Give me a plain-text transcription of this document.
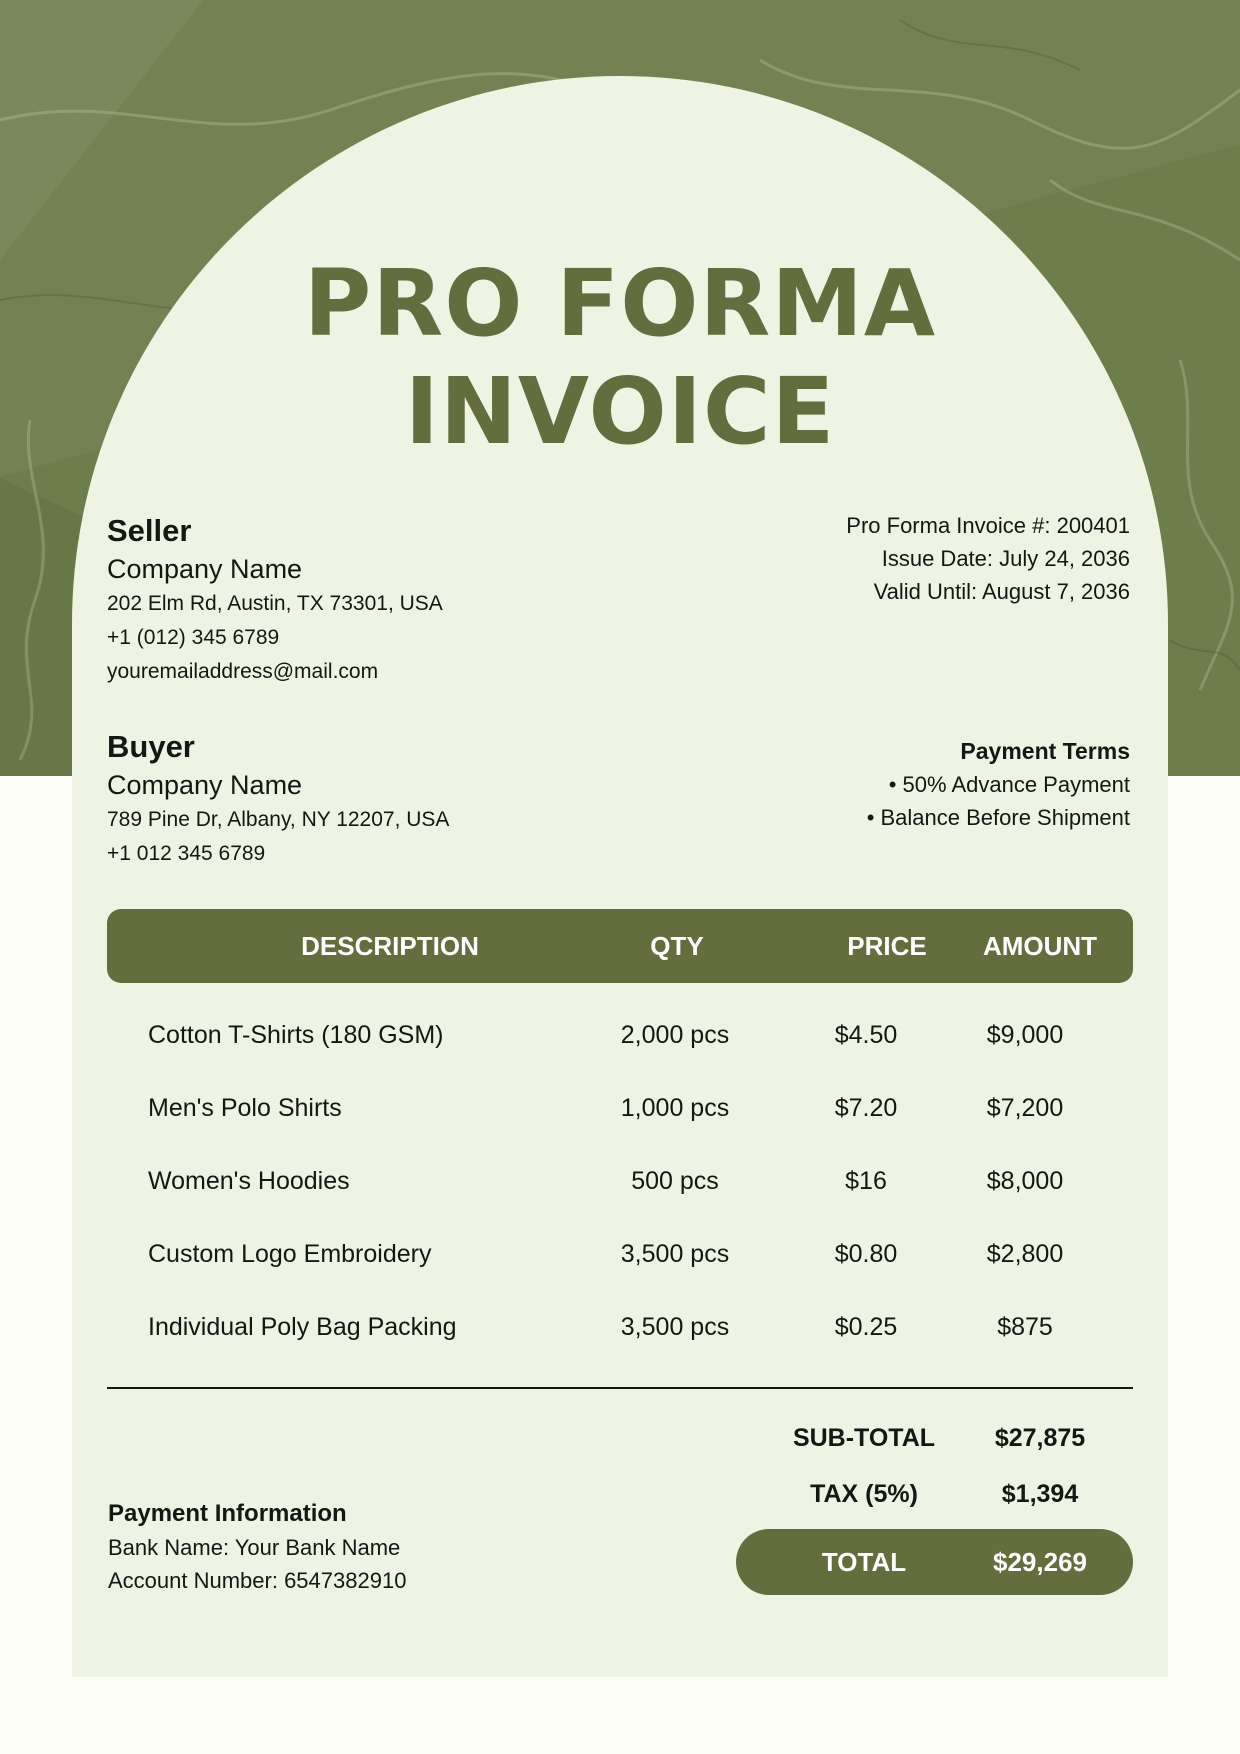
PRO FORMA
INVOICE
Seller
Company Name
202 Elm Rd, Austin, TX 73301, USA
+1 (012) 345 6789
youremailaddress@mail.com
Pro Forma Invoice #: 200401
Issue Date: July 24, 2036
Valid Until: August 7, 2036
Buyer
Company Name
789 Pine Dr, Albany, NY 12207, USA
+1 012 345 6789
Payment Terms
• 50% Advance Payment
• Balance Before Shipment
DESCRIPTION	QTY	PRICE	AMOUNT
Cotton T-Shirts (180 GSM)	2,000 pcs	$4.50	$9,000
Men's Polo Shirts	1,000 pcs	$7.20	$7,200
Women's Hoodies	500 pcs	$16	$8,000
Custom Logo Embroidery	3,500 pcs	$0.80	$2,800
Individual Poly Bag Packing	3,500 pcs	$0.25	$875
SUB-TOTAL	$27,875
TAX (5%)	$1,394
TOTAL	$29,269
Payment Information
Bank Name: Your Bank Name
Account Number: 6547382910
